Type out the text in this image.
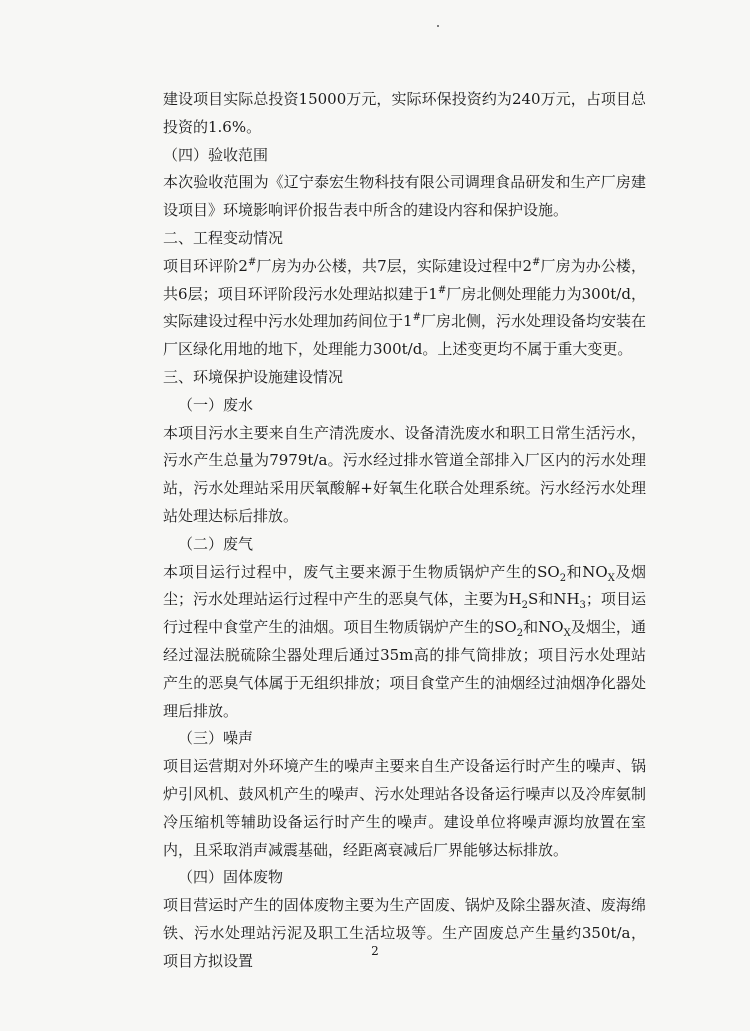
建设项目实际总投资15000万元，实际环保投资约为240万元，占项目总投资的1.6%。

（四）验收范围

本次验收范围为《辽宁泰宏生物科技有限公司调理食品研发和生产厂房建设项目》环境影响评价报告表中所含的建设内容和保护设施。

二、工程变动情况

项目环评阶2#厂房为办公楼，共7层，实际建设过程中2#厂房为办公楼，共6层；项目环评阶段污水处理站拟建于1#厂房北侧处理能力为300t/d，实际建设过程中污水处理加药间位于1#厂房北侧，污水处理设备均安装在厂区绿化用地的地下，处理能力300t/d。上述变更均不属于重大变更。

三、环境保护设施建设情况

（一）废水

本项目污水主要来自生产清洗废水、设备清洗废水和职工日常生活污水，污水产生总量为7979t/a。污水经过排水管道全部排入厂区内的污水处理站，污水处理站采用厌氧酸解+好氧生化联合处理系统。污水经污水处理站处理达标后排放。

（二）废气

本项目运行过程中，废气主要来源于生物质锅炉产生的$SO_2$和$NO_X$及烟尘；污水处理站运行过程中产生的恶臭气体，主要为$H_2S$和$NH_3$；项目运行过程中食堂产生的油烟。项目生物质锅炉产生的$SO_2$和$NO_X$及烟尘，通经过湿法脱硫除尘器处理后通过35m高的排气筒排放；项目污水处理站产生的恶臭气体属于无组织排放；项目食堂产生的油烟经过油烟净化器处理后排放。

（三）噪声

项目运营期对外环境产生的噪声主要来自生产设备运行时产生的噪声、锅炉引风机、鼓风机产生的噪声、污水处理站各设备运行噪声以及冷库氨制冷压缩机等辅助设备运行时产生的噪声。建设单位将噪声源均放置在室内，且采取消声减震基础，经距离衰减后厂界能够达标排放。

（四）固体废物

项目营运时产生的固体废物主要为生产固废、锅炉及除尘器灰渣、废海绵铁、污水处理站污泥及职工生活垃圾等。生产固废总产生量约350t/a，项目方拟设置

2
